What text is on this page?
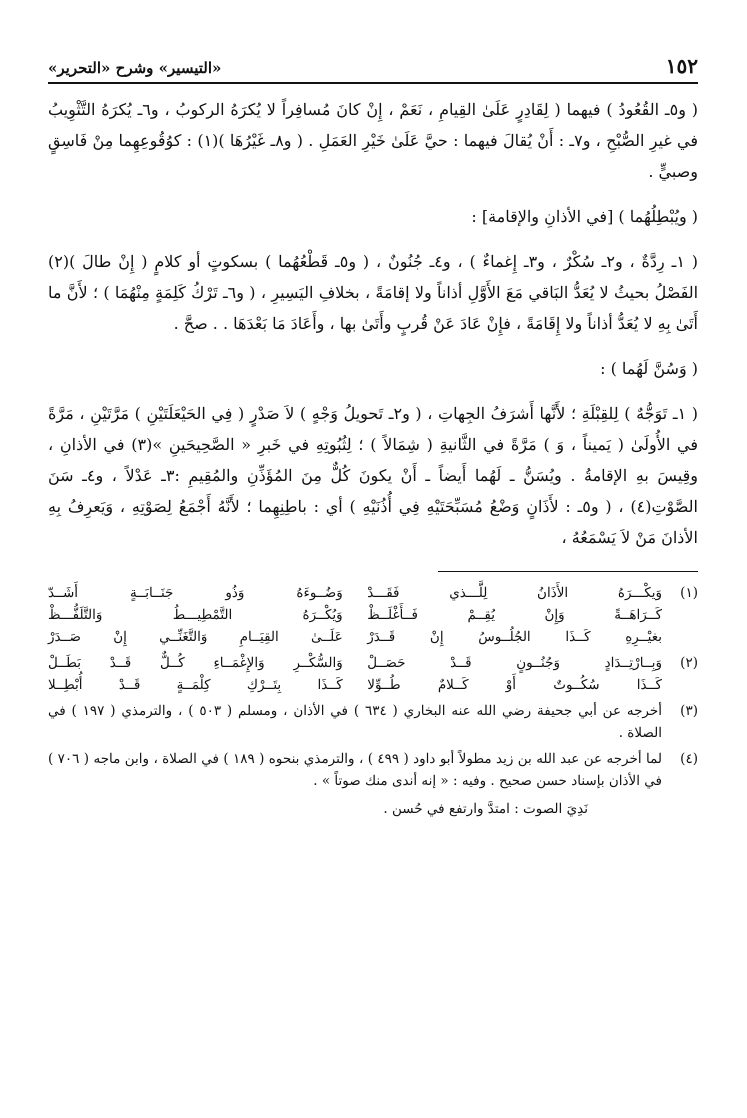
١٥٢
«التيسير» وشرح «التحرير»

( و٥ـ القُعُودُ ) فيهما ( لِقَادِرٍ عَلَىٰ القِيامِ ، نَعَمْ ، إِنْ كانَ مُسافِراً لا يُكرَهُ الركوبُ ، و٦ـ يُكرَهُ التَّثْوِيبُ في غيرِ الصُّبْحِ ، و٧ـ : أَنْ يُقالَ فيهما : حيَّ عَلَىٰ خَيْرِ العَمَلِ . ( و٨ـ غَيْرُهَا )(١) : كوُقُوعِهِما مِنْ فَاسِقٍ وصبيٍّ .

( ويُبْطِلُهُما ) [في الأذانِ والإقامة] :

( ١ـ رِدَّةٌ ، و٢ـ سُكْرٌ ، و٣ـ إِغماءٌ ) ، و٤ـ جُنُونٌ ، ( و٥ـ قَطْعُهُما ) بسكوتٍ أو كلامٍ ( إِنْ طالَ )(٢) الفَصْلُ بحيثُ لا يُعَدُّ البَاقي مَعَ الأَوَّلِ أذاناً ولا إقامَةً ، بخلافِ اليَسِيرِ ، ( و٦ـ تَرْكُ كَلِمَةٍ مِنْهُمَا ) ؛ لأَنَّ ما أَتَىٰ بِهِ لا يُعَدُّ أذاناً ولا إِقَامَةً ، فإِنْ عَادَ عَنْ قُربٍ وأَتَىٰ بها ، وأَعَادَ مَا بَعْدَهَا . . صحَّ .

( وَسُنَّ لَهُما ) :

( ١ـ تَوَجُّهٌ ) لِلقِبْلَةِ ؛ لأَنَّها أَشرَفُ الجِهاتِ ، ( و٢ـ تَحويلُ وَجْهٍ ) لاَ صَدْرٍ ( فِي الحَيْعَلَتَيْنِ ) مَرَّتَيْنِ ، مَرَّةً في الأُولَىٰ ( يَميناً ، وَ ) مَرَّةً في الثَّانيةِ ( شِمَالاً ) ؛ لِثُبُوتِهِ في خَبرِ « الصَّحِيحَينِ »(٣) في الأذانِ ، وقِيسَ بهِ الإقامةُ . ويُسَنُّ ـ لَهُما أَيضاً ـ أَنْ يكونَ كُلٌّ مِنَ المُؤَذِّنِ والمُقِيمِ :٣ـ عَدْلاً ، و٤ـ سَنَ الصَّوْتِ(٤) ، ( و٥ـ : لأَذَانٍ وَضْعُ مُسَبِّحَتَيْهِ فِي أُذُنَيْهِ ) أي : باطِنِهِما ؛ لأَنَّهُ أَجْمَعُ لِصَوْتِهِ ، وَيَعرِفُ بِهِ الأذانَ مَنْ لاَ يَسْمَعُهُ ،

(١)
وَيكْـــرَهُ الأَذَانُ لِلَّـــذي فَقَـــدْ
وَضُــوءَهُ وَذُو جَنَــابَــةٍ أَشَــدّ
كَــرَاهَــةً وَإِنْ يُقِــمْ فَــأَغْلَــظْ
وَيُكْــرَهُ التَّمْطِيـــطُ وَالتَّلَفُّـــظْ
بغيْــرِهِ كَــذَا الجُلُــوسُ إِنْ قَــدَرْ
عَلَــىٰ القِيَــامِ وَالتَّغَنِّــي إِنْ صَــدَرْ
(٢)
وَبِــارْتِــدَادٍ وَجُنُــونٍ قَــدْ حَصَــلْ
وَالسُّكْــرِ وَالإِغْمَــاءِ كُــلٌّ قَــدْ بَطَــلْ
كَــذَا سُكُــوتٌ أَوْ كَــلامٌ طُــوِّلا
كَــذَا بِتَــرْكِ كِلْمَــةٍ قَــدْ أُبْطِــلا
(٣)
أخرجه عن أبي جحيفة رضي الله عنه البخاري ( ٦٣٤ ) في الأذان ، ومسلم ( ٥٠٣ ) ، والترمذي ( ١٩٧ ) في الصلاة .
(٤)
لما أخرجه عن عبد الله بن زيد مطولاً أبو داود ( ٤٩٩ ) ، والترمذي بنحوه ( ١٨٩ ) في الصلاة ، وابن ماجه ( ٧٠٦ ) في الأذان بإسناد حسن صحيح . وفيه : « إنه أندى منك صوتاً » .
نَدِيَ الصوت : امتدَّ وارتفع في حُسن .
